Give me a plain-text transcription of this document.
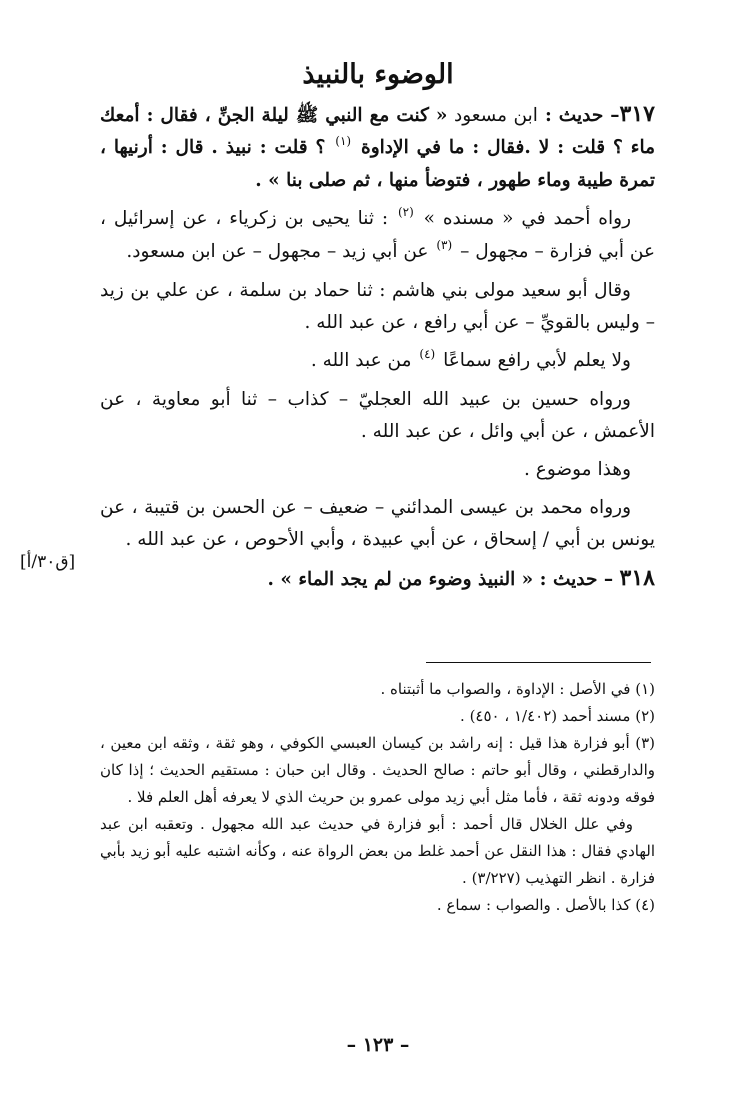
الوضوء بالنبيذ

٣١٧– حديث : ابن مسعود « كنت مع النبي ﷺ ليلة الجنِّ ، فقال : أمعك ماء ؟ قلت : لا .فقال : ما في الإداوة $^{(١)}$ ؟ قلت : نبيذ . قال : أرنيها ، تمرة طيبة وماء طهور ، فتوضأ منها ، ثم صلى بنا » .

رواه أحمد في « مسنده » $^{(٢)}$ : ثنا يحيى بن زكرياء ، عن إسرائيل ، عن أبي فزارة – مجهول – $^{(٣)}$ عن أبي زيد – مجهول – عن ابن مسعود.

وقال أبو سعيد مولى بني هاشم : ثنا حماد بن سلمة ، عن علي بن زيد – وليس بالقويِّ – عن أبي رافع ، عن عبد الله .

ولا يعلم لأبي رافع سماعًا $^{(٤)}$ من عبد الله .

ورواه حسين بن عبيد الله العجليّ – كذاب – ثنا أبو معاوية ، عن الأعمش ، عن أبي وائل ، عن عبد الله .

وهذا موضوع .

ورواه محمد بن عيسى المدائني – ضعيف – عن الحسن بن قتيبة ، عن يونس بن أبي / إسحاق ، عن أبي عبيدة ، وأبي الأحوص ، عن عبد الله .

٣١٨ – حديث : « النبيذ وضوء من لم يجد الماء » .

[ق٣٠/أ]

(١) في الأصل : الإداوة ، والصواب ما أثبتناه .

(٢) مسند أحمد (١/٤٠٢ ، ٤٥٠) .

(٣) أبو فزارة هذا قيل : إنه راشد بن كيسان العبسي الكوفي ، وهو ثقة ، وثقه ابن معين ، والدارقطني ، وقال أبو حاتم : صالح الحديث . وقال ابن حبان : مستقيم الحديث ؛ إذا كان فوقه ودونه ثقة ، فأما مثل أبي زيد مولى عمرو بن حريث الذي لا يعرفه أهل العلم فلا .

وفي علل الخلال قال أحمد : أبو فزارة في حديث عبد الله مجهول . وتعقبه ابن عبد الهادي فقال : هذا النقل عن أحمد غلط من بعض الرواة عنه ، وكأنه اشتبه عليه أبو زيد بأبي فزارة . انظر التهذيب (٣/٢٢٧) .

(٤) كذا بالأصل . والصواب : سماع .

– ١٢٣ –
